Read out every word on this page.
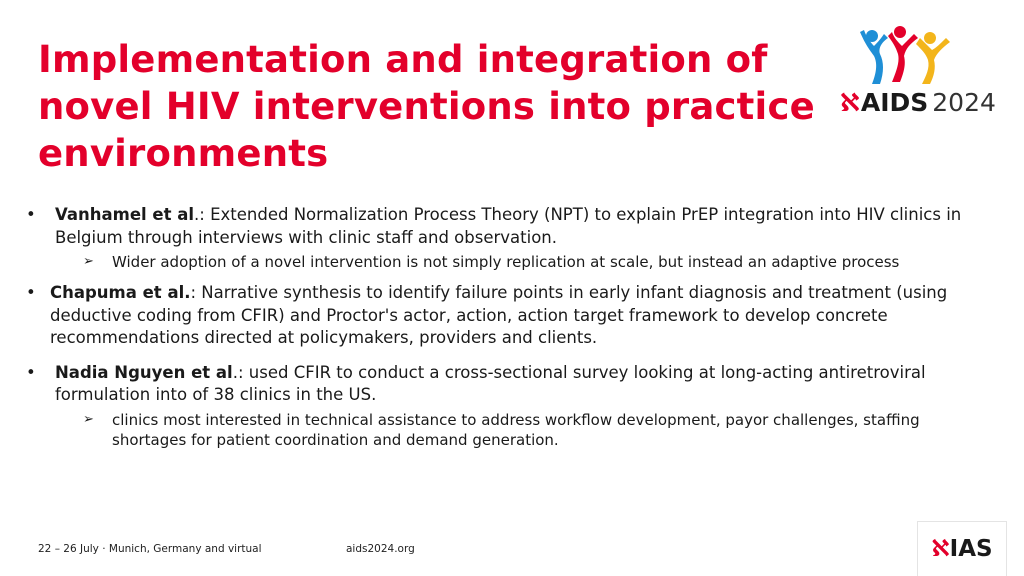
Implementation and integration of novel HIV interventions into practice environments
ℵAIDS 2024
• Vanhamel et al.: Extended Normalization Process Theory (NPT) to explain PrEP integration into HIV clinics in Belgium through interviews with clinic staff and observation.
➢ Wider adoption of a novel intervention is not simply replication at scale, but instead an adaptive process
• Chapuma et al.: Narrative synthesis to identify failure points in early infant diagnosis and treatment (using deductive coding from CFIR) and Proctor's actor, action, action target framework to develop concrete recommendations directed at policymakers, providers and clients.
• Nadia Nguyen et al.: used CFIR to conduct a cross-sectional survey looking at long-acting antiretroviral formulation into of 38 clinics in the US.
➢ clinics most interested in technical assistance to address workflow development, payor challenges, staffing shortages for patient coordination and demand generation.
22 – 26 July · Munich, Germany and virtual	aids2024.org	ℵ IAS
